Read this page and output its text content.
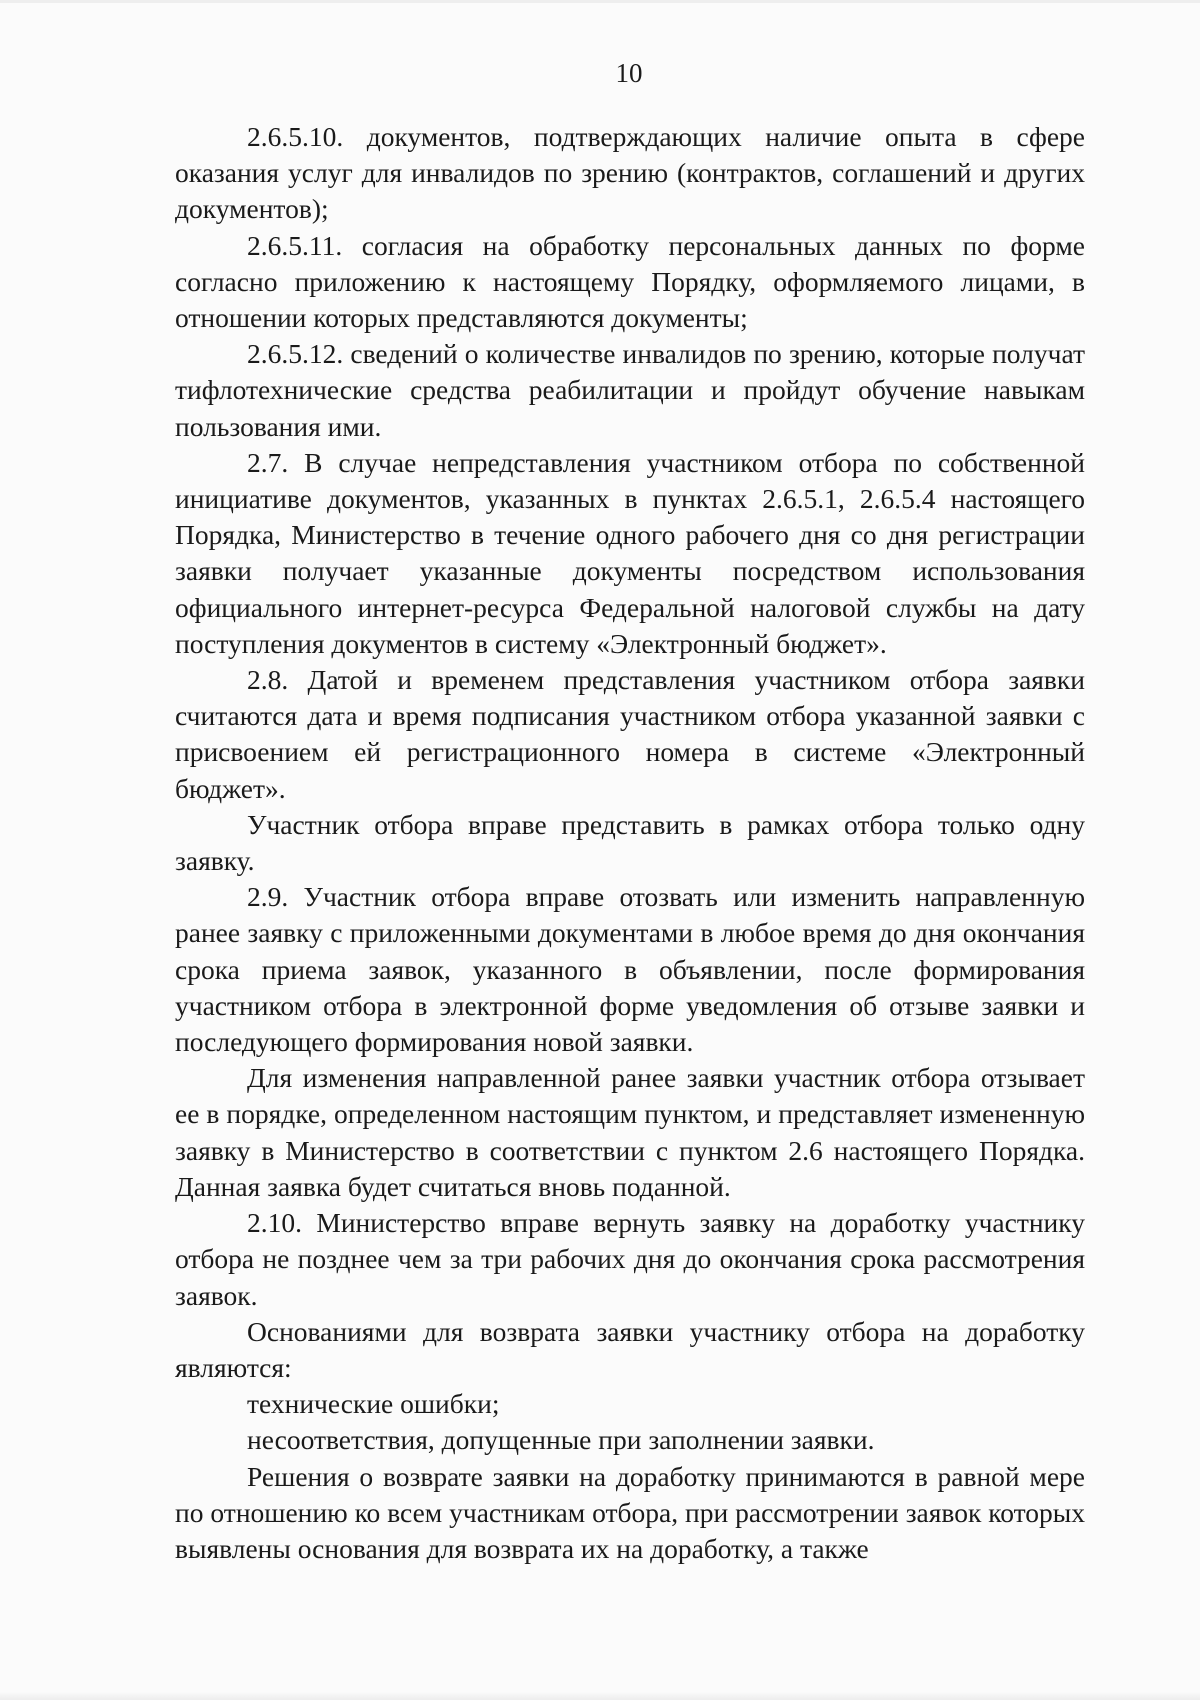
10

2.6.5.10. документов, подтверждающих наличие опыта в сфере оказания услуг для инвалидов по зрению (контрактов, соглашений и других документов);

2.6.5.11. согласия на обработку персональных данных по форме согласно приложению к настоящему Порядку, оформляемого лицами, в отношении которых представляются документы;

2.6.5.12. сведений о количестве инвалидов по зрению, которые получат тифлотехнические средства реабилитации и пройдут обучение навыкам пользования ими.

2.7. В случае непредставления участником отбора по собственной инициативе документов, указанных в пунктах 2.6.5.1, 2.6.5.4 настоящего Порядка, Министерство в течение одного рабочего дня со дня регистрации заявки получает указанные документы посредством использования официального интернет-ресурса Федеральной налоговой службы на дату поступления документов в систему «Электронный бюджет».

2.8. Датой и временем представления участником отбора заявки считаются дата и время подписания участником отбора указанной заявки с присвоением ей регистрационного номера в системе «Электронный бюджет».

Участник отбора вправе представить в рамках отбора только одну заявку.

2.9. Участник отбора вправе отозвать или изменить направленную ранее заявку с приложенными документами в любое время до дня окончания срока приема заявок, указанного в объявлении, после формирования участником отбора в электронной форме уведомления об отзыве заявки и последующего формирования новой заявки.

Для изменения направленной ранее заявки участник отбора отзывает ее в порядке, определенном настоящим пунктом, и представляет измененную заявку в Министерство в соответствии с пунктом 2.6 настоящего Порядка. Данная заявка будет считаться вновь поданной.

2.10. Министерство вправе вернуть заявку на доработку участнику отбора не позднее чем за три рабочих дня до окончания срока рассмотрения заявок.

Основаниями для возврата заявки участнику отбора на доработку являются:

технические ошибки;

несоответствия, допущенные при заполнении заявки.

Решения о возврате заявки на доработку принимаются в равной мере по отношению ко всем участникам отбора, при рассмотрении заявок которых выявлены основания для возврата их на доработку, а также
